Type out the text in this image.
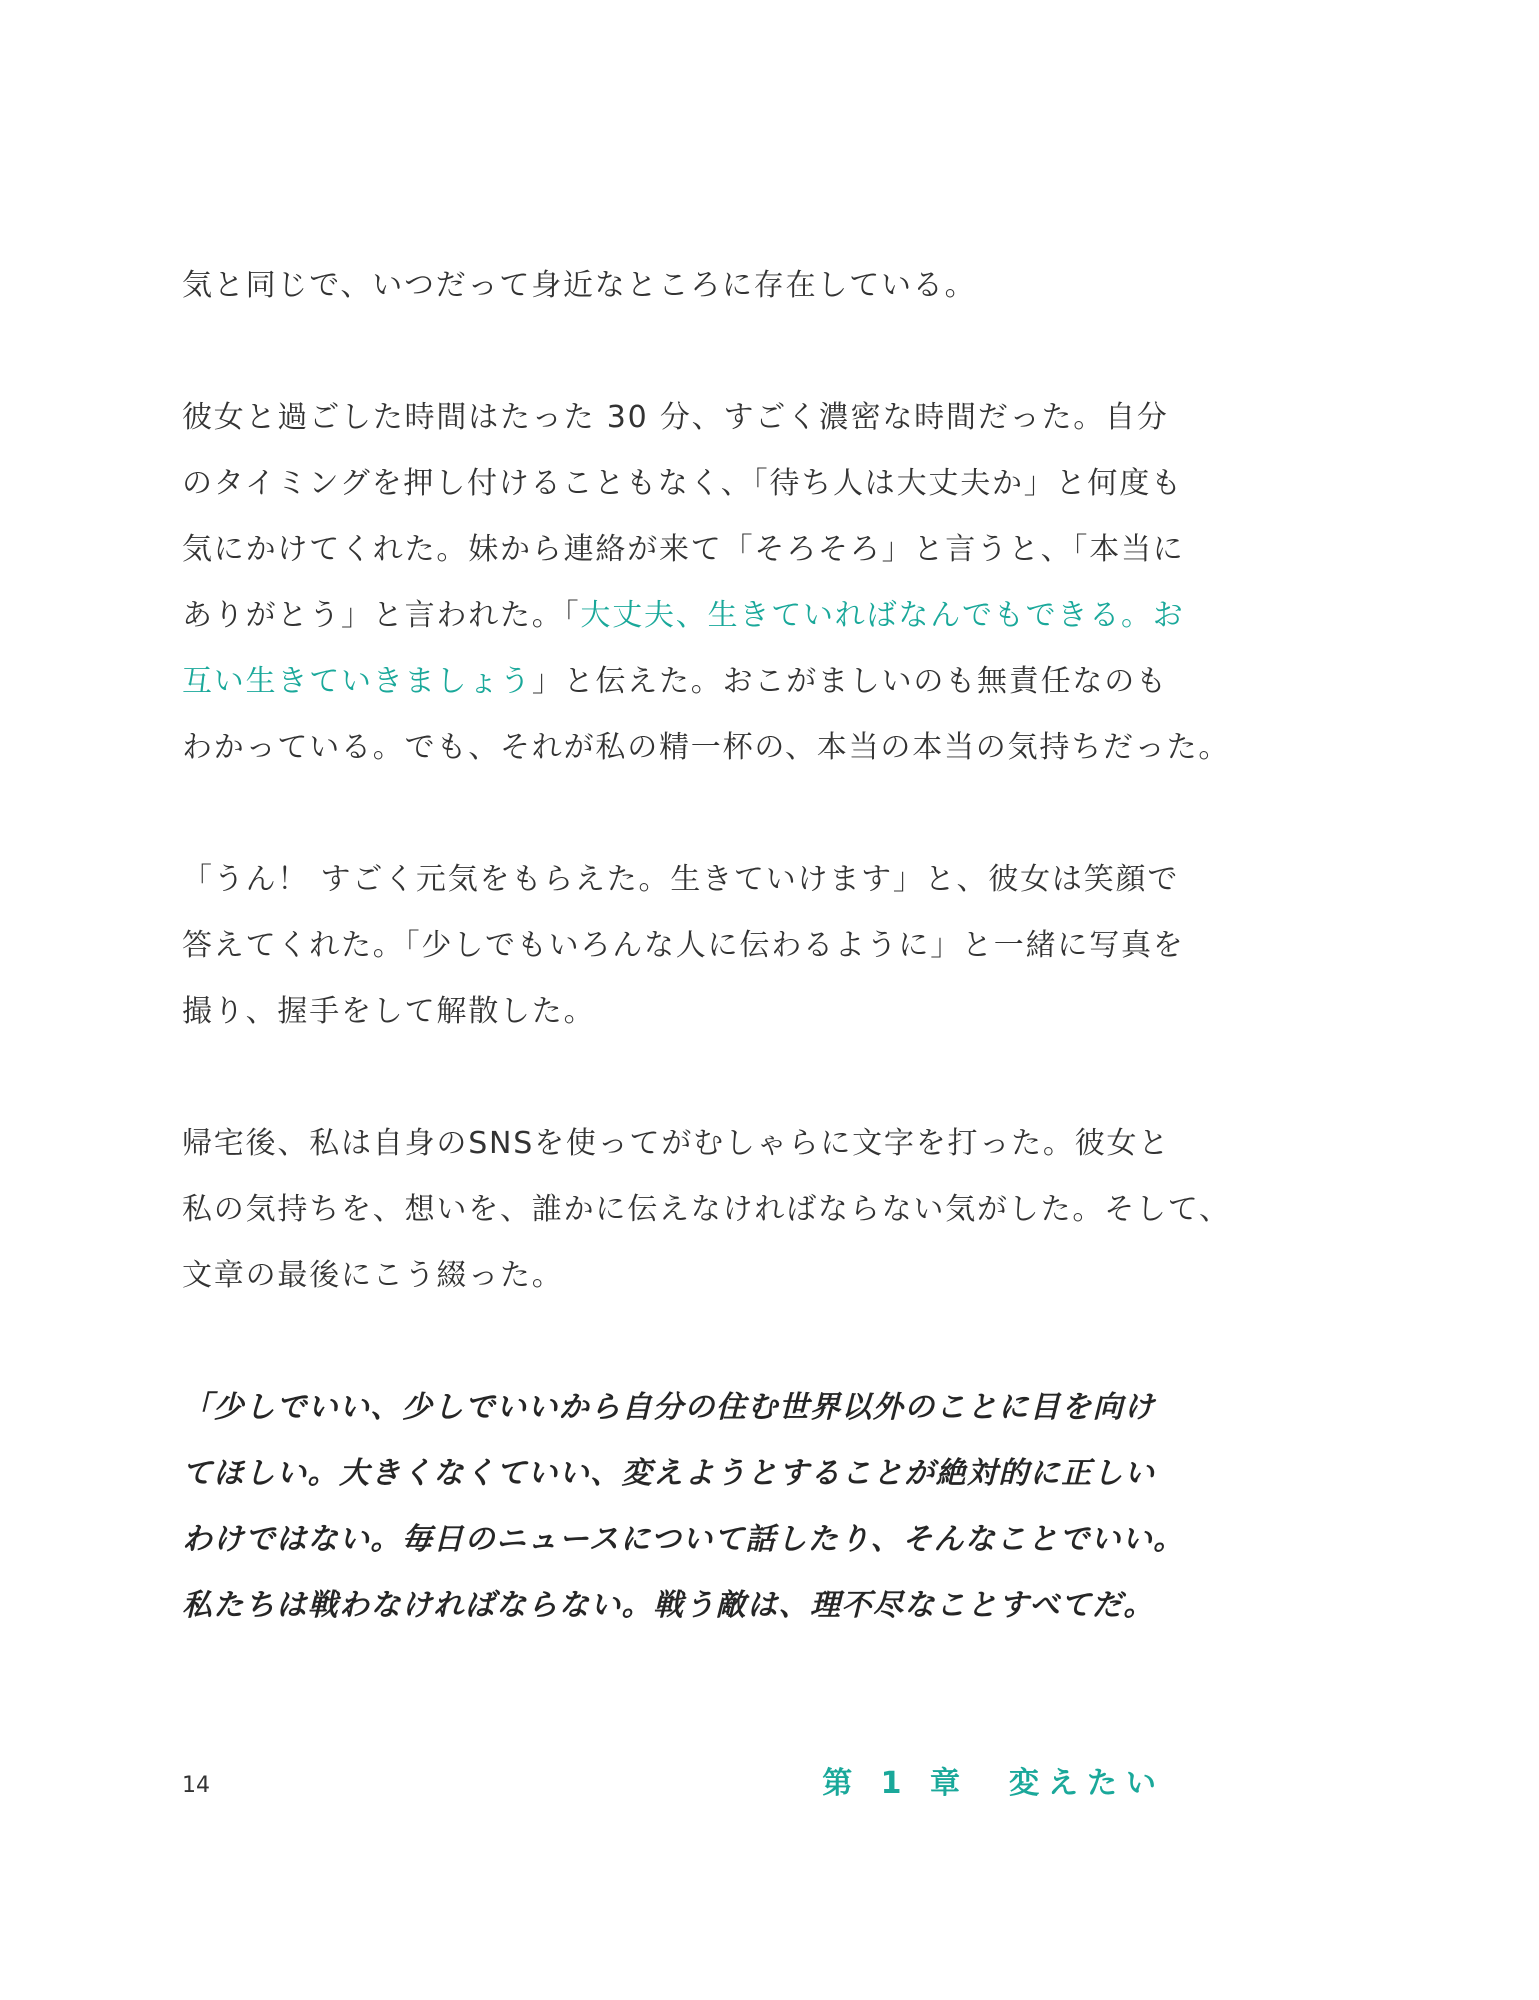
気と同じで、いつだって身近なところに存在している。
彼女と過ごした時間はたった 30 分、すごく濃密な時間だった。自分
のタイミングを押し付けることもなく、「待ち人は大丈夫か」と何度も
気にかけてくれた。妹から連絡が来て「そろそろ」と言うと、「本当に
ありがとう」と言われた。「大丈夫、生きていればなんでもできる。お
互い生きていきましょう」と伝えた。おこがましいのも無責任なのも
わかっている。でも、それが私の精一杯の、本当の本当の気持ちだった。
「うん！ すごく元気をもらえた。生きていけます」と、彼女は笑顔で
答えてくれた。「少しでもいろんな人に伝わるように」と一緒に写真を
撮り、握手をして解散した。
帰宅後、私は自身のSNSを使ってがむしゃらに文字を打った。彼女と
私の気持ちを、想いを、誰かに伝えなければならない気がした。そして、
文章の最後にこう綴った。
「少しでいい、少しでいいから自分の住む世界以外のことに目を向け
てほしい。大きくなくていい、変えようとすることが絶対的に正しい
わけではない。毎日のニュースについて話したり、そんなことでいい。
私たちは戦わなければならない。戦う敵は、理不尽なことすべてだ。
14	第 1 章 変えたい
